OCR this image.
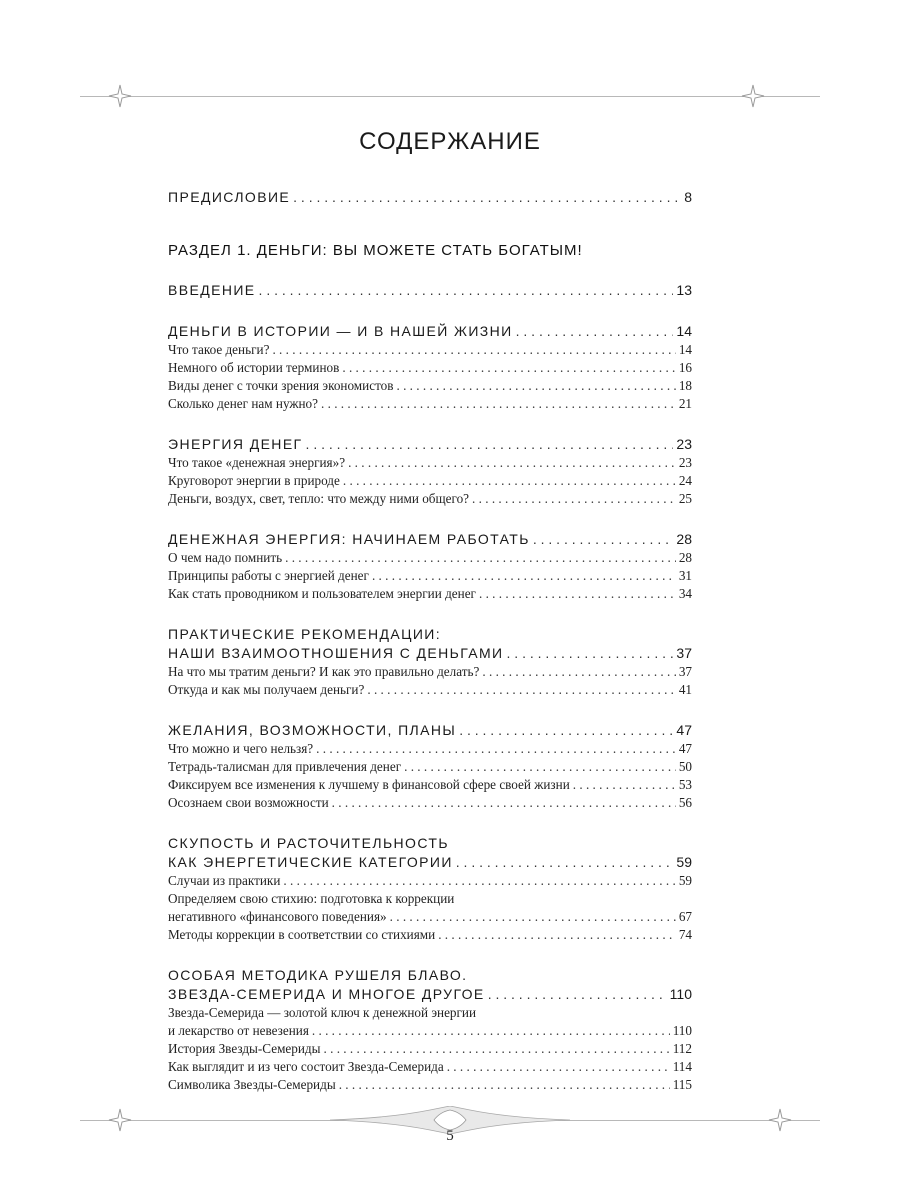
СОДЕРЖАНИЕ
ПРЕДИСЛОВИЕ . . .	8
РАЗДЕЛ 1. ДЕНЬГИ: ВЫ МОЖЕТЕ СТАТЬ БОГАТЫМ!
ВВЕДЕНИЕ . . .	13
ДЕНЬГИ В ИСТОРИИ — И В НАШЕЙ ЖИЗНИ . . .	14
Что такое деньги? . . .	14
Немного об истории терминов . . .	16
Виды денег с точки зрения экономистов . . .	18
Сколько денег нам нужно? . . .	21
ЭНЕРГИЯ ДЕНЕГ . . .	23
Что такое «денежная энергия»? . . .	23
Круговорот энергии в природе . . .	24
Деньги, воздух, свет, тепло: что между ними общего? . . .	25
ДЕНЕЖНАЯ ЭНЕРГИЯ: НАЧИНАЕМ РАБОТАТЬ . . .	28
О чем надо помнить . . .	28
Принципы работы с энергией денег . . .	31
Как стать проводником и пользователем энергии денег . . .	34
ПРАКТИЧЕСКИЕ РЕКОМЕНДАЦИИ:
НАШИ ВЗАИМООТНОШЕНИЯ С ДЕНЬГАМИ . . .	37
На что мы тратим деньги? И как это правильно делать? . . .	37
Откуда и как мы получаем деньги? . . .	41
ЖЕЛАНИЯ, ВОЗМОЖНОСТИ, ПЛАНЫ . . .	47
Что можно и чего нельзя? . . .	47
Тетрадь-талисман для привлечения денег . . .	50
Фиксируем все изменения к лучшему в финансовой сфере своей жизни . . .	53
Осознаем свои возможности . . .	56
СКУПОСТЬ И РАСТОЧИТЕЛЬНОСТЬ
КАК ЭНЕРГЕТИЧЕСКИЕ КАТЕГОРИИ . . .	59
Случаи из практики . . .	59
Определяем свою стихию: подготовка к коррекции
негативного «финансового поведения» . . .	67
Методы коррекции в соответствии со стихиями . . .	74
ОСОБАЯ МЕТОДИКА РУШЕЛЯ БЛАВО.
ЗВЕЗДА-СЕМЕРИДА И МНОГОЕ ДРУГОЕ . . .	110
Звезда-Семерида — золотой ключ к денежной энергии
и лекарство от невезения . . .	110
История Звезды-Семериды . . .	112
Как выглядит и из чего состоит Звезда-Семерида . . .	114
Символика Звезды-Семериды . . .	115
5
